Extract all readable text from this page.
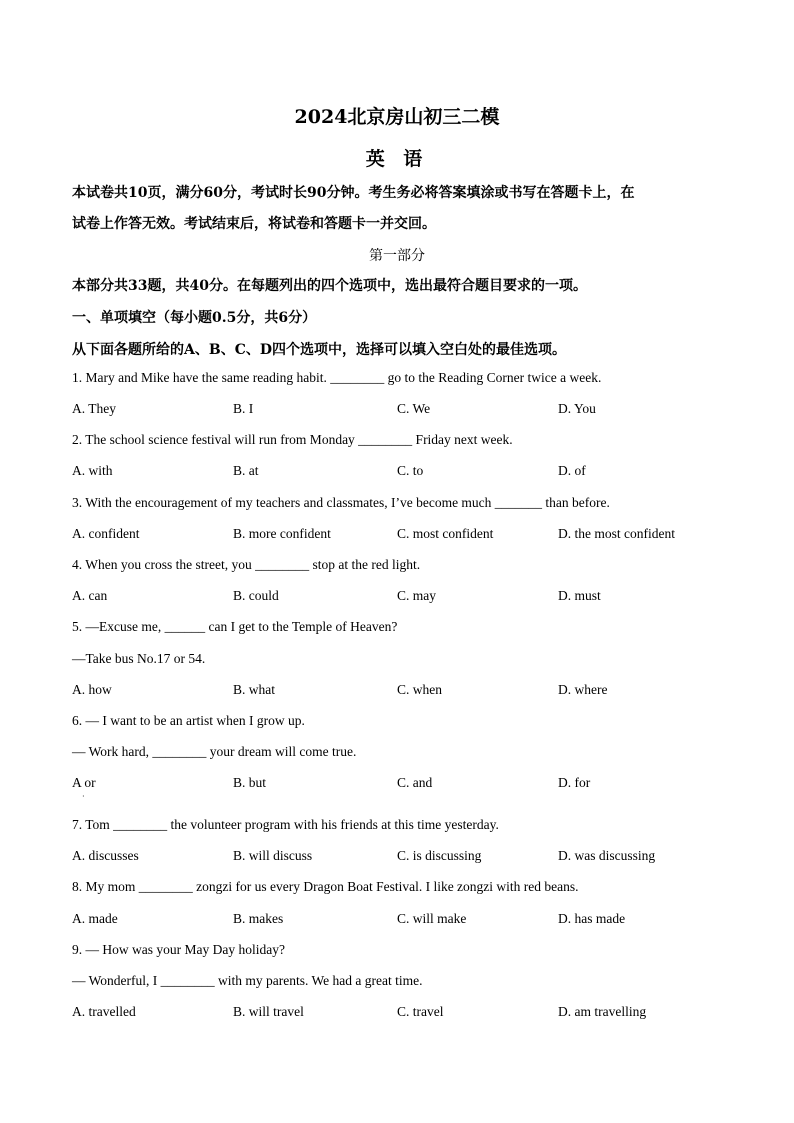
2024北京房山初三二模
英 语
本试卷共10页，满分60分，考试时长90分钟。考生务必将答案填涂或书写在答题卡上，在
试卷上作答无效。考试结束后，将试卷和答题卡一并交回。
第一部分
本部分共33题，共40分。在每题列出的四个选项中，选出最符合题目要求的一项。
一、单项填空（每小题0.5分，共6分）
从下面各题所给的A、B、C、D四个选项中，选择可以填入空白处的最佳选项。
1. Mary and Mike have the same reading habit. ________ go to the Reading Corner twice a week.
A. They	B. I	C. We	D. You
2. The school science festival will run from Monday ________ Friday next week.
A. with	B. at	C. to	D. of
3. With the encouragement of my teachers and classmates, I’ve become much _______ than before.
A. confident	B. more confident	C. most confident	D. the most confident
4. When you cross the street, you ________ stop at the red light.
A. can	B. could	C. may	D. must
5. —Excuse me, ______ can I get to the Temple of Heaven?
—Take bus No.17 or 54.
A. how	B. what	C. when	D. where
6. — I want to be an artist when I grow up.
— Work hard, ________ your dream will come true.
A or	B. but	C. and	D. for
·
7. Tom ________ the volunteer program with his friends at this time yesterday.
A. discusses	B. will discuss	C. is discussing	D. was discussing
8. My mom ________ zongzi for us every Dragon Boat Festival. I like zongzi with red beans.
A. made	B. makes	C. will make	D. has made
9. — How was your May Day holiday?
— Wonderful, I ________ with my parents. We had a great time.
A. travelled	B. will travel	C. travel	D. am travelling
